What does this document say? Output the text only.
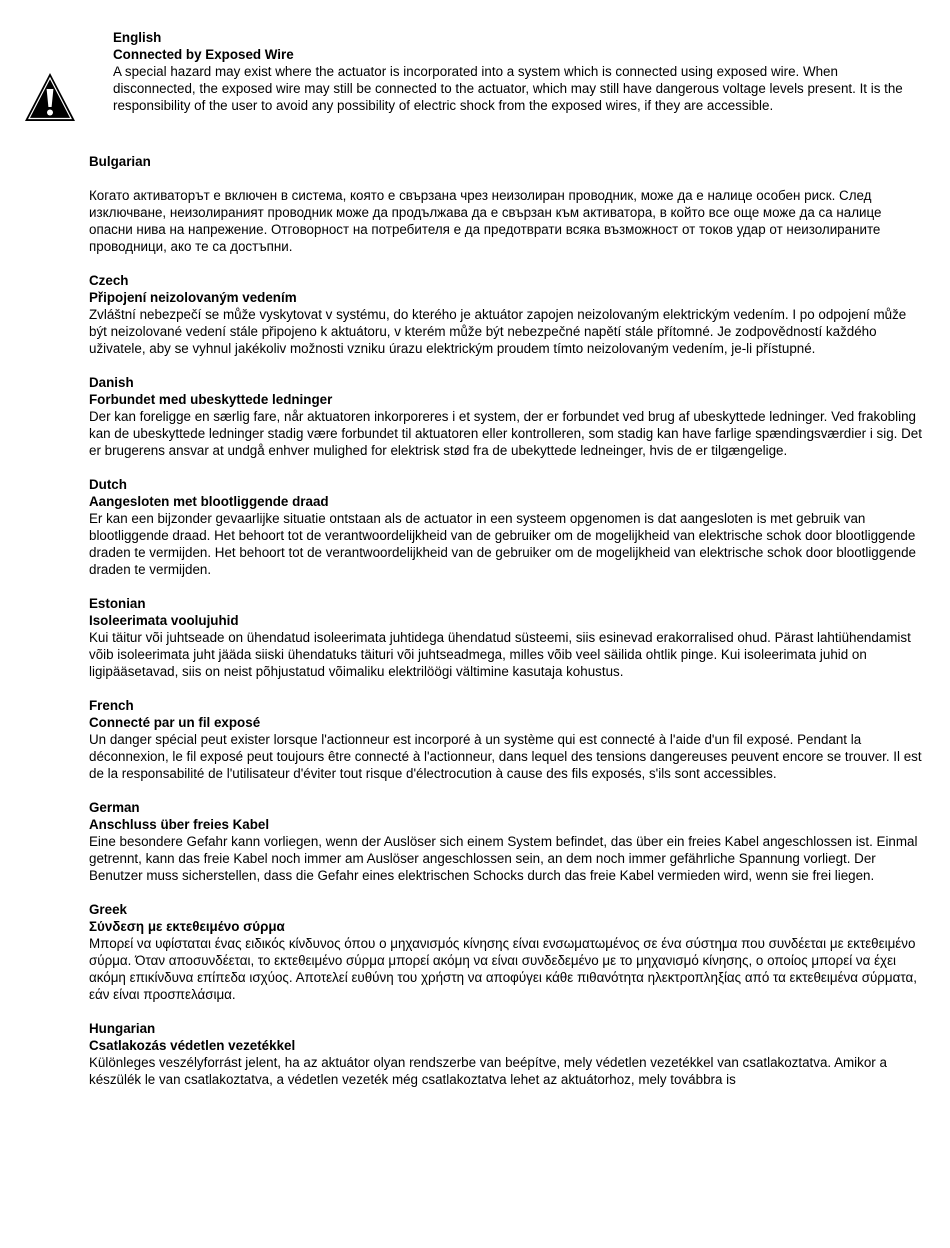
English

Connected by Exposed Wire

A special hazard may exist where the actuator is incorporated into a system which is connected using exposed wire. When disconnected, the exposed wire may still be connected to the actuator, which may still have dangerous voltage levels present. It is the responsibility of the user to avoid any possibility of electric shock from the exposed wires, if they are accessible.

Bulgarian

Когато активаторът е включен в система, която е свързана чрез неизолиран проводник, може да е налице особен риск. След изключване, неизолираният проводник може да продължава да е свързан към активатора, в който все още може да са налице опасни нива на напрежение. Отговорност на потребителя е да предотврати всяка възможност от токов удар от неизолираните проводници, ако те са достъпни.

Czech

Připojení neizolovaným vedením

Zvláštní nebezpečí se může vyskytovat v systému, do kterého je aktuátor zapojen neizolovaným elektrickým vedením. I po odpojení může být neizolované vedení stále připojeno k aktuátoru, v kterém může být nebezpečné napětí stále přítomné. Je zodpovědností každého uživatele, aby se vyhnul jakékoliv možnosti vzniku úrazu elektrickým proudem tímto neizolovaným vedením, je-li přístupné.

Danish

Forbundet med ubeskyttede ledninger

Der kan foreligge en særlig fare, når aktuatoren inkorporeres i et system, der er forbundet ved brug af ubeskyttede ledninger. Ved frakobling kan de ubeskyttede ledninger stadig være forbundet til aktuatoren eller kontrolleren, som stadig kan have farlige spændingsværdier i sig. Det er brugerens ansvar at undgå enhver mulighed for elektrisk stød fra de ubekyttede ledneinger, hvis de er tilgængelige.

Dutch

Aangesloten met blootliggende draad

Er kan een bijzonder gevaarlijke situatie ontstaan als de actuator in een systeem opgenomen is dat aangesloten is met gebruik van blootliggende draad. Het behoort tot de verantwoordelijkheid van de gebruiker om de mogelijkheid van elektrische schok door blootliggende draden te vermijden. Het behoort tot de verantwoordelijkheid van de gebruiker om de mogelijkheid van elektrische schok door blootliggende draden te vermijden.

Estonian

Isoleerimata voolujuhid

Kui täitur või juhtseade on ühendatud isoleerimata juhtidega ühendatud süsteemi, siis esinevad erakorralised ohud. Pärast lahtiühendamist võib isoleerimata juht jääda siiski ühendatuks täituri või juhtseadmega, milles võib veel säilida ohtlik pinge. Kui isoleerimata juhid on ligipääsetavad, siis on neist põhjustatud võimaliku elektrilöögi vältimine kasutaja kohustus.

French

Connecté par un fil exposé

Un danger spécial peut exister lorsque l'actionneur est incorporé à un système qui est connecté à l'aide d'un fil exposé. Pendant la déconnexion, le fil exposé peut toujours être connecté à l'actionneur, dans lequel des tensions dangereuses peuvent encore se trouver. Il est de la responsabilité de l'utilisateur d'éviter tout risque d'électrocution à cause des fils exposés, s'ils sont accessibles.

German

Anschluss über freies Kabel

Eine besondere Gefahr kann vorliegen, wenn der Auslöser sich einem System befindet, das über ein freies Kabel angeschlossen ist. Einmal getrennt, kann das freie Kabel noch immer am Auslöser angeschlossen sein, an dem noch immer gefährliche Spannung vorliegt. Der Benutzer muss sicherstellen, dass die Gefahr eines elektrischen Schocks durch das freie Kabel vermieden wird, wenn sie frei liegen.

Greek

Σύνδεση με εκτεθειμένο σύρμα

Μπορεί να υφίσταται ένας ειδικός κίνδυνος όπου ο μηχανισμός κίνησης είναι ενσωματωμένος σε ένα σύστημα που συνδέεται με εκτεθειμένο σύρμα. Όταν αποσυνδέεται, το εκτεθειμένο σύρμα μπορεί ακόμη να είναι συνδεδεμένο με το μηχανισμό κίνησης, ο οποίος μπορεί να έχει ακόμη επικίνδυνα επίπεδα ισχύος. Αποτελεί ευθύνη του χρήστη να αποφύγει κάθε πιθανότητα ηλεκτροπληξίας από τα εκτεθειμένα σύρματα, εάν είναι προσπελάσιμα.

Hungarian

Csatlakozás védetlen vezetékkel

Különleges veszélyforrást jelent, ha az aktuátor olyan rendszerbe van beépítve, mely védetlen vezetékkel van csatlakoztatva. Amikor a készülék le van csatlakoztatva, a védetlen vezeték még csatlakoztatva lehet az aktuátorhoz, mely továbbra is
